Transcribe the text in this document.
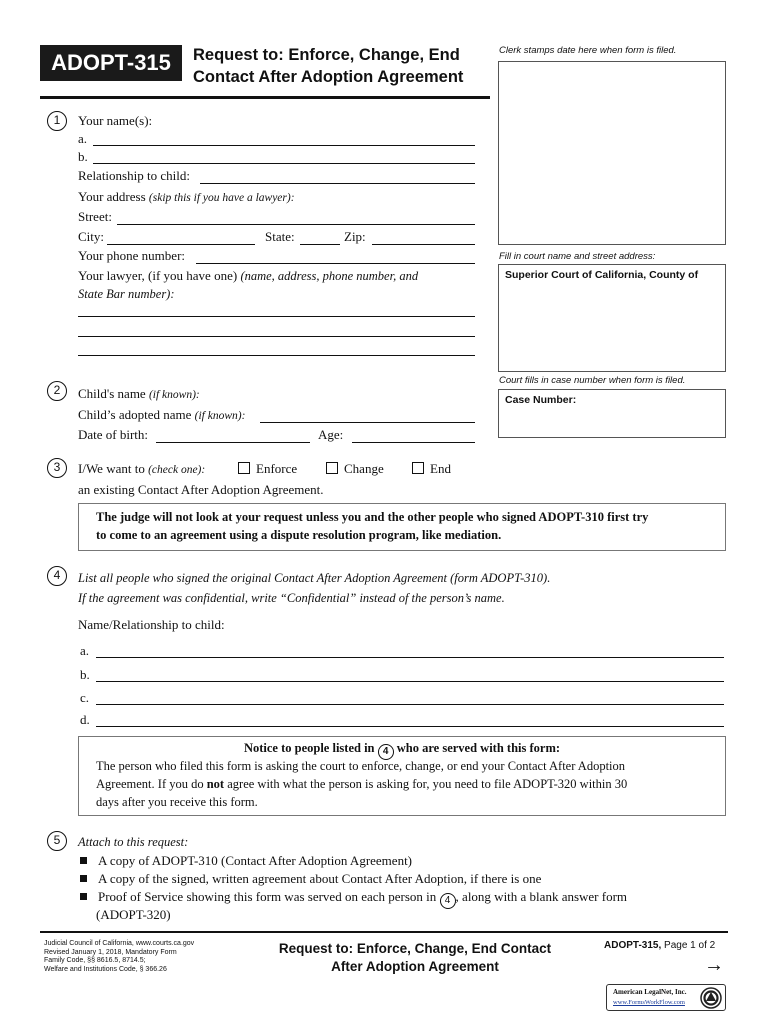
ADOPT-315	Request to: Enforce, Change, End
Contact After Adoption Agreement
Clerk stamps date here when form is filed.
Fill in court name and street address:
Superior Court of California, County of
Court fills in case number when form is filed.
Case Number:
1	Your name(s):
a.
b.
Relationship to child:
Your address (skip this if you have a lawyer):
Street:
City:	State:	Zip:
Your phone number:
Your lawyer, (if you have one) (name, address, phone number, and
State Bar number):
2	Child's name (if known):
Child’s adopted name (if known):
Date of birth:	Age:
3	I/We want to (check one):	Enforce	Change	End
an existing Contact After Adoption Agreement.
The judge will not look at your request unless you and the other people who signed ADOPT-310 first try
to come to an agreement using a dispute resolution program, like mediation.
4	List all people who signed the original Contact After Adoption Agreement (form ADOPT-310).
If the agreement was confidential, write “Confidential” instead of the person’s name.
Name/Relationship to child:
a.
b.
c.
d.
Notice to people listed in 4 who are served with this form:
The person who filed this form is asking the court to enforce, change, or end your Contact After Adoption
Agreement. If you do not agree with what the person is asking for, you need to file ADOPT-320 within 30
days after you receive this form.
5	Attach to this request:
A copy of ADOPT-310 (Contact After Adoption Agreement)
A copy of the signed, written agreement about Contact After Adoption, if there is one
Proof of Service showing this form was served on each person in 4 , along with a blank answer form
(ADOPT-320)
Judicial Council of California, www.courts.ca.gov
Revised January 1, 2018, Mandatory Form
Family Code, §§ 8616.5, 8714.5;
Welfare and Institutions Code, § 366.26
Request to: Enforce, Change, End Contact
After Adoption Agreement
ADOPT-315, Page 1 of 2
→
American LegalNet, Inc.
www.FormsWorkFlow.com
